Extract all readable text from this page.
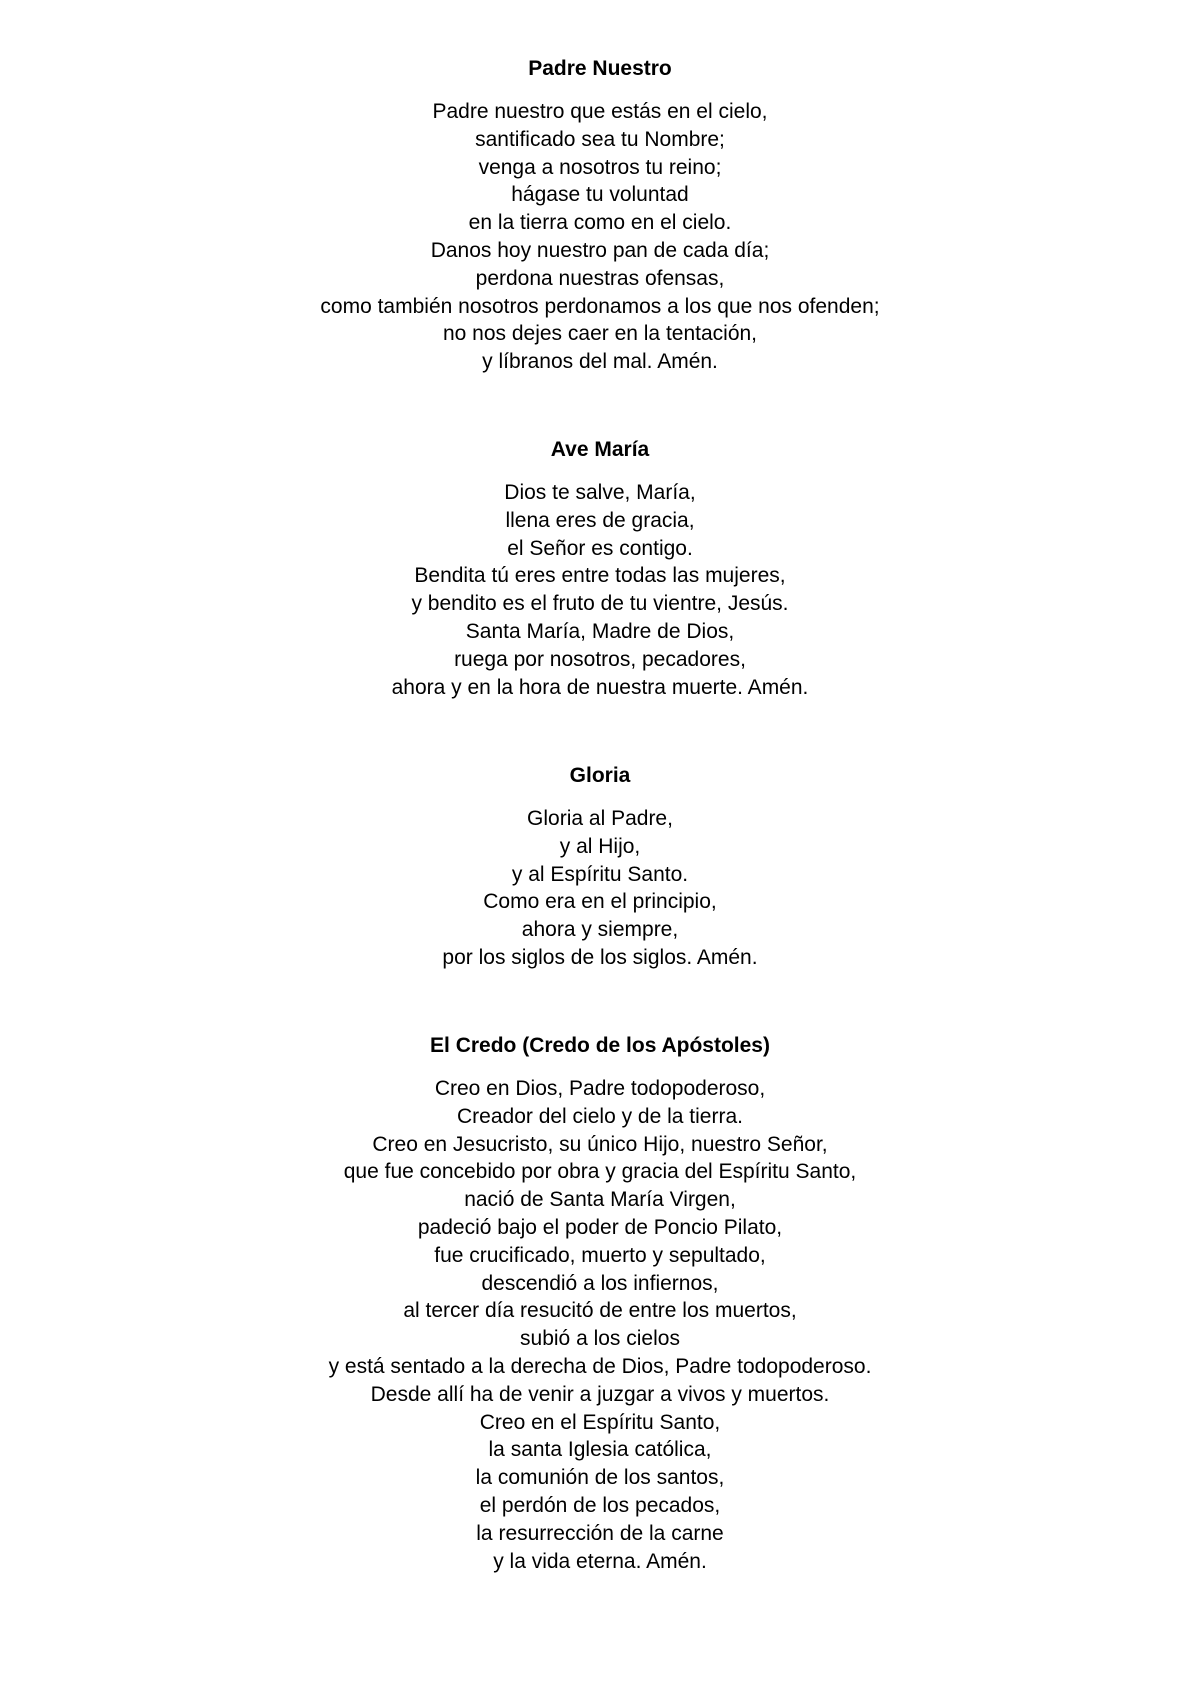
Padre Nuestro
Padre nuestro que estás en el cielo,
santificado sea tu Nombre;
venga a nosotros tu reino;
hágase tu voluntad
en la tierra como en el cielo.
Danos hoy nuestro pan de cada día;
perdona nuestras ofensas,
como también nosotros perdonamos a los que nos ofenden;
no nos dejes caer en la tentación,
y líbranos del mal. Amén.
Ave María
Dios te salve, María,
llena eres de gracia,
el Señor es contigo.
Bendita tú eres entre todas las mujeres,
y bendito es el fruto de tu vientre, Jesús.
Santa María, Madre de Dios,
ruega por nosotros, pecadores,
ahora y en la hora de nuestra muerte. Amén.
Gloria
Gloria al Padre,
y al Hijo,
y al Espíritu Santo.
Como era en el principio,
ahora y siempre,
por los siglos de los siglos. Amén.
El Credo (Credo de los Apóstoles)
Creo en Dios, Padre todopoderoso,
Creador del cielo y de la tierra.
Creo en Jesucristo, su único Hijo, nuestro Señor,
que fue concebido por obra y gracia del Espíritu Santo,
nació de Santa María Virgen,
padeció bajo el poder de Poncio Pilato,
fue crucificado, muerto y sepultado,
descendió a los infiernos,
al tercer día resucitó de entre los muertos,
subió a los cielos
y está sentado a la derecha de Dios, Padre todopoderoso.
Desde allí ha de venir a juzgar a vivos y muertos.
Creo en el Espíritu Santo,
la santa Iglesia católica,
la comunión de los santos,
el perdón de los pecados,
la resurrección de la carne
y la vida eterna. Amén.
